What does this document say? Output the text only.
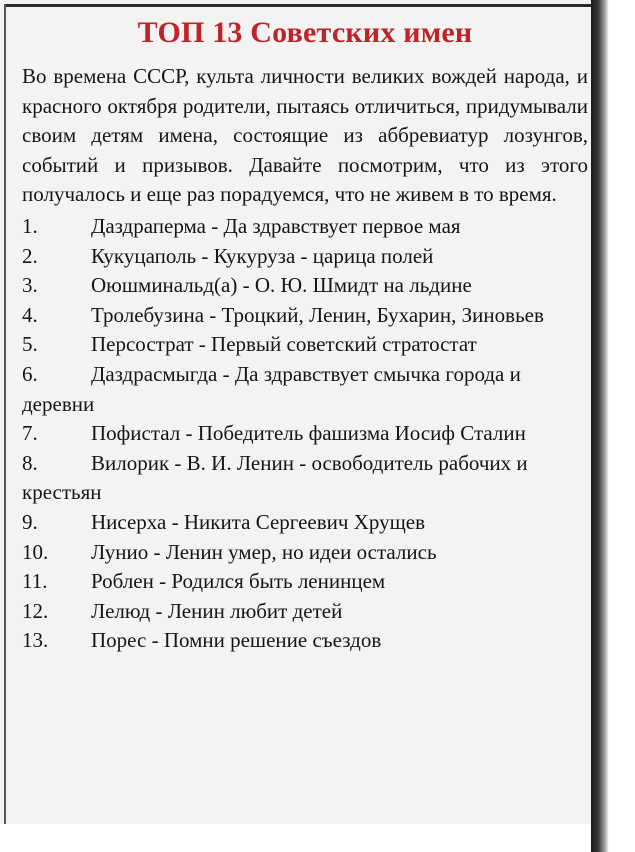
ТОП 13 Советских имен

Во времена СССР, культа личности великих вождей народа, и красного октября родители, пытаясь отличиться, придумывали своим детям имена, состоящие из аббревиатур лозунгов, событий и призывов. Давайте посмотрим, что из этого получалось и еще раз порадуемся, что не живем в то время.

1.	Даздраперма - Да здравствует первое мая
2.	Кукуцаполь - Кукуруза - царица полей
3.	Оюшминальд(а) - О. Ю. Шмидт на льдине
4.	Тролебузина - Троцкий, Ленин, Бухарин, Зиновьев
5.	Персострат - Первый советский стратостат
6.	Даздрасмыгда - Да здравствует смычка города и деревни
7.	Пофистал - Победитель фашизма Иосиф Сталин
8.	Вилорик - В. И. Ленин - освободитель рабочих и крестьян
9.	Нисерха - Никита Сергеевич Хрущев
10. Лунио - Ленин умер, но идеи остались
11. Роблен - Родился быть ленинцем
12. Лелюд - Ленин любит детей
13. Порес - Помни решение съездов
